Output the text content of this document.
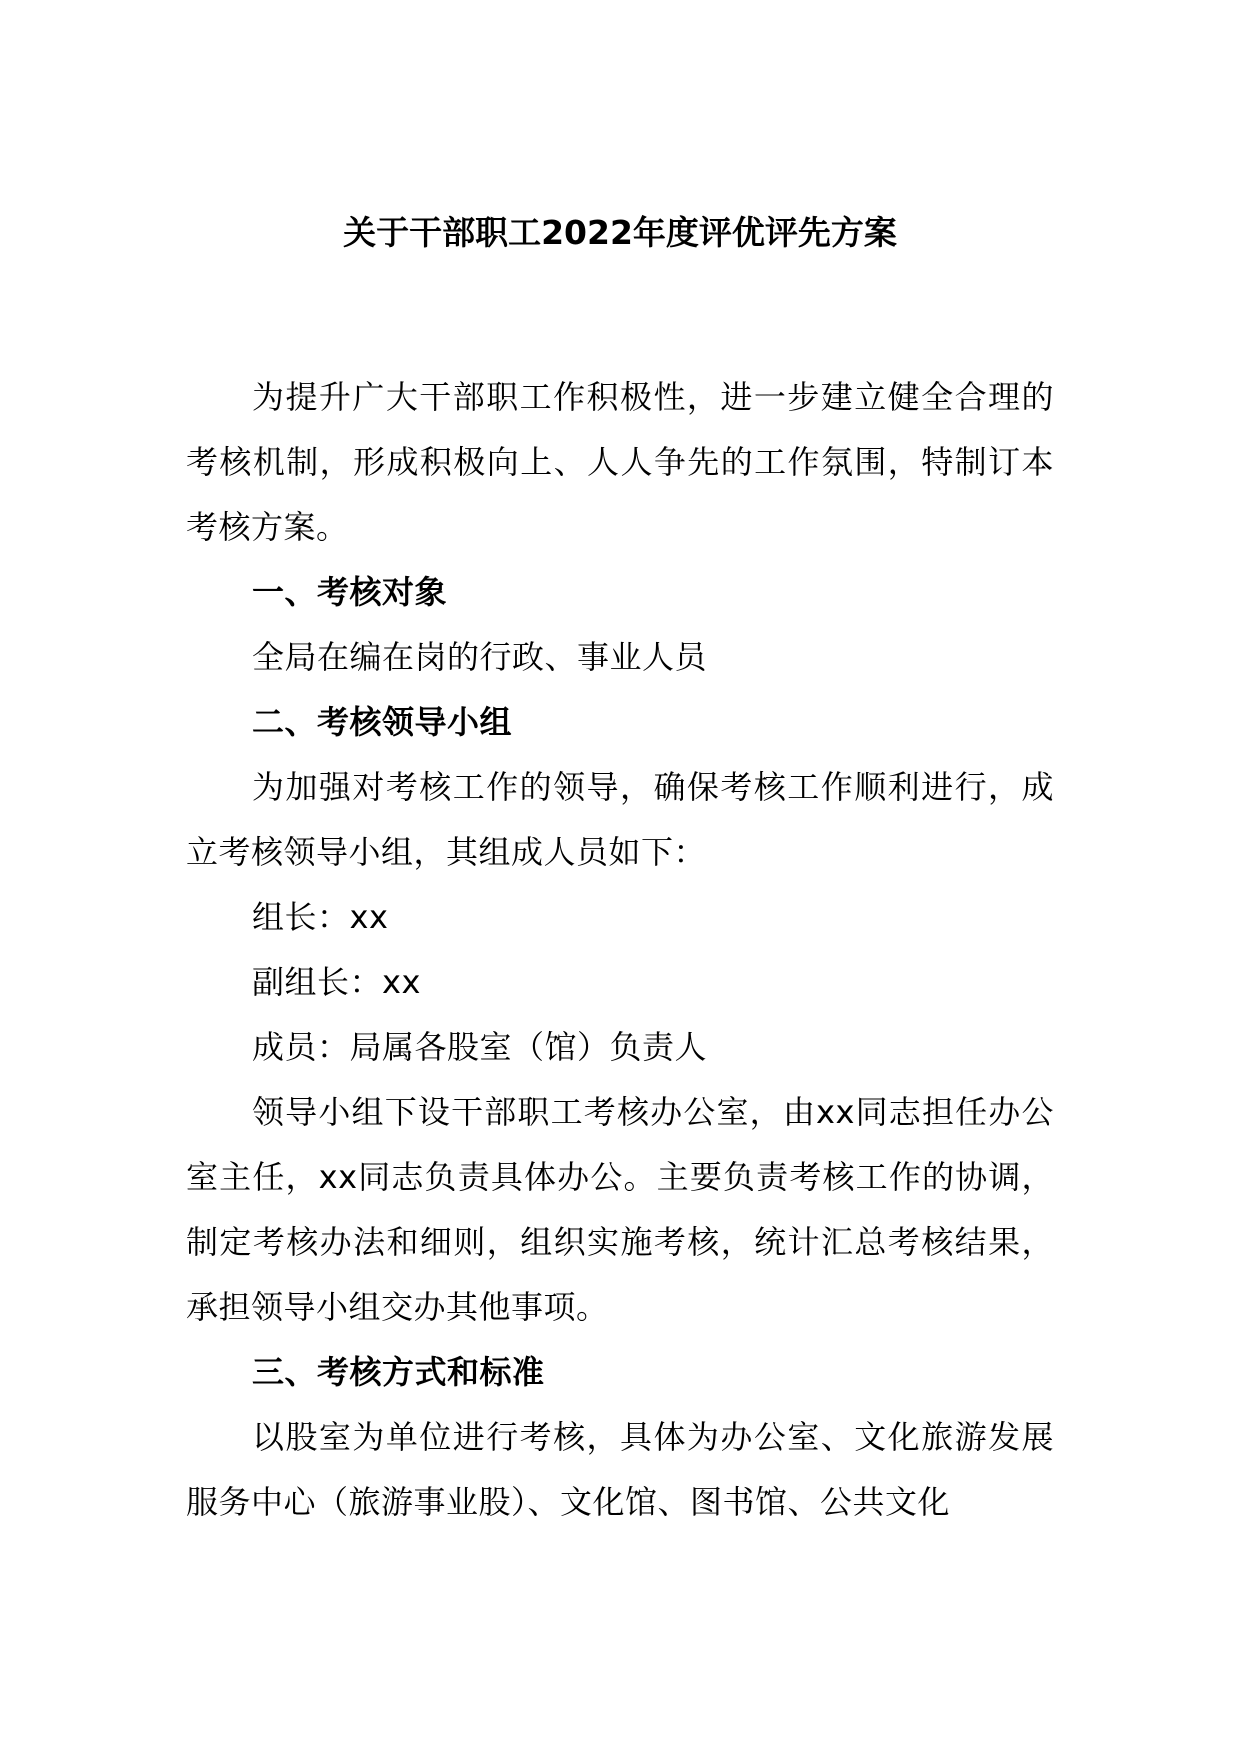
关于干部职工2022年度评优评先方案

为提升广大干部职工作积极性，进一步建立健全合理的考核机制，形成积极向上、人人争先的工作氛围，特制订本考核方案。

一、考核对象

全局在编在岗的行政、事业人员

二、考核领导小组

为加强对考核工作的领导，确保考核工作顺利进行，成立考核领导小组，其组成人员如下：

组长：xx

副组长：xx

成员：局属各股室（馆）负责人

领导小组下设干部职工考核办公室，由xx同志担任办公室主任，xx同志负责具体办公。主要负责考核工作的协调，制定考核办法和细则，组织实施考核，统计汇总考核结果，承担领导小组交办其他事项。

三、考核方式和标准

以股室为单位进行考核，具体为办公室、文化旅游发展服务中心（旅游事业股）、文化馆、图书馆、公共文化
